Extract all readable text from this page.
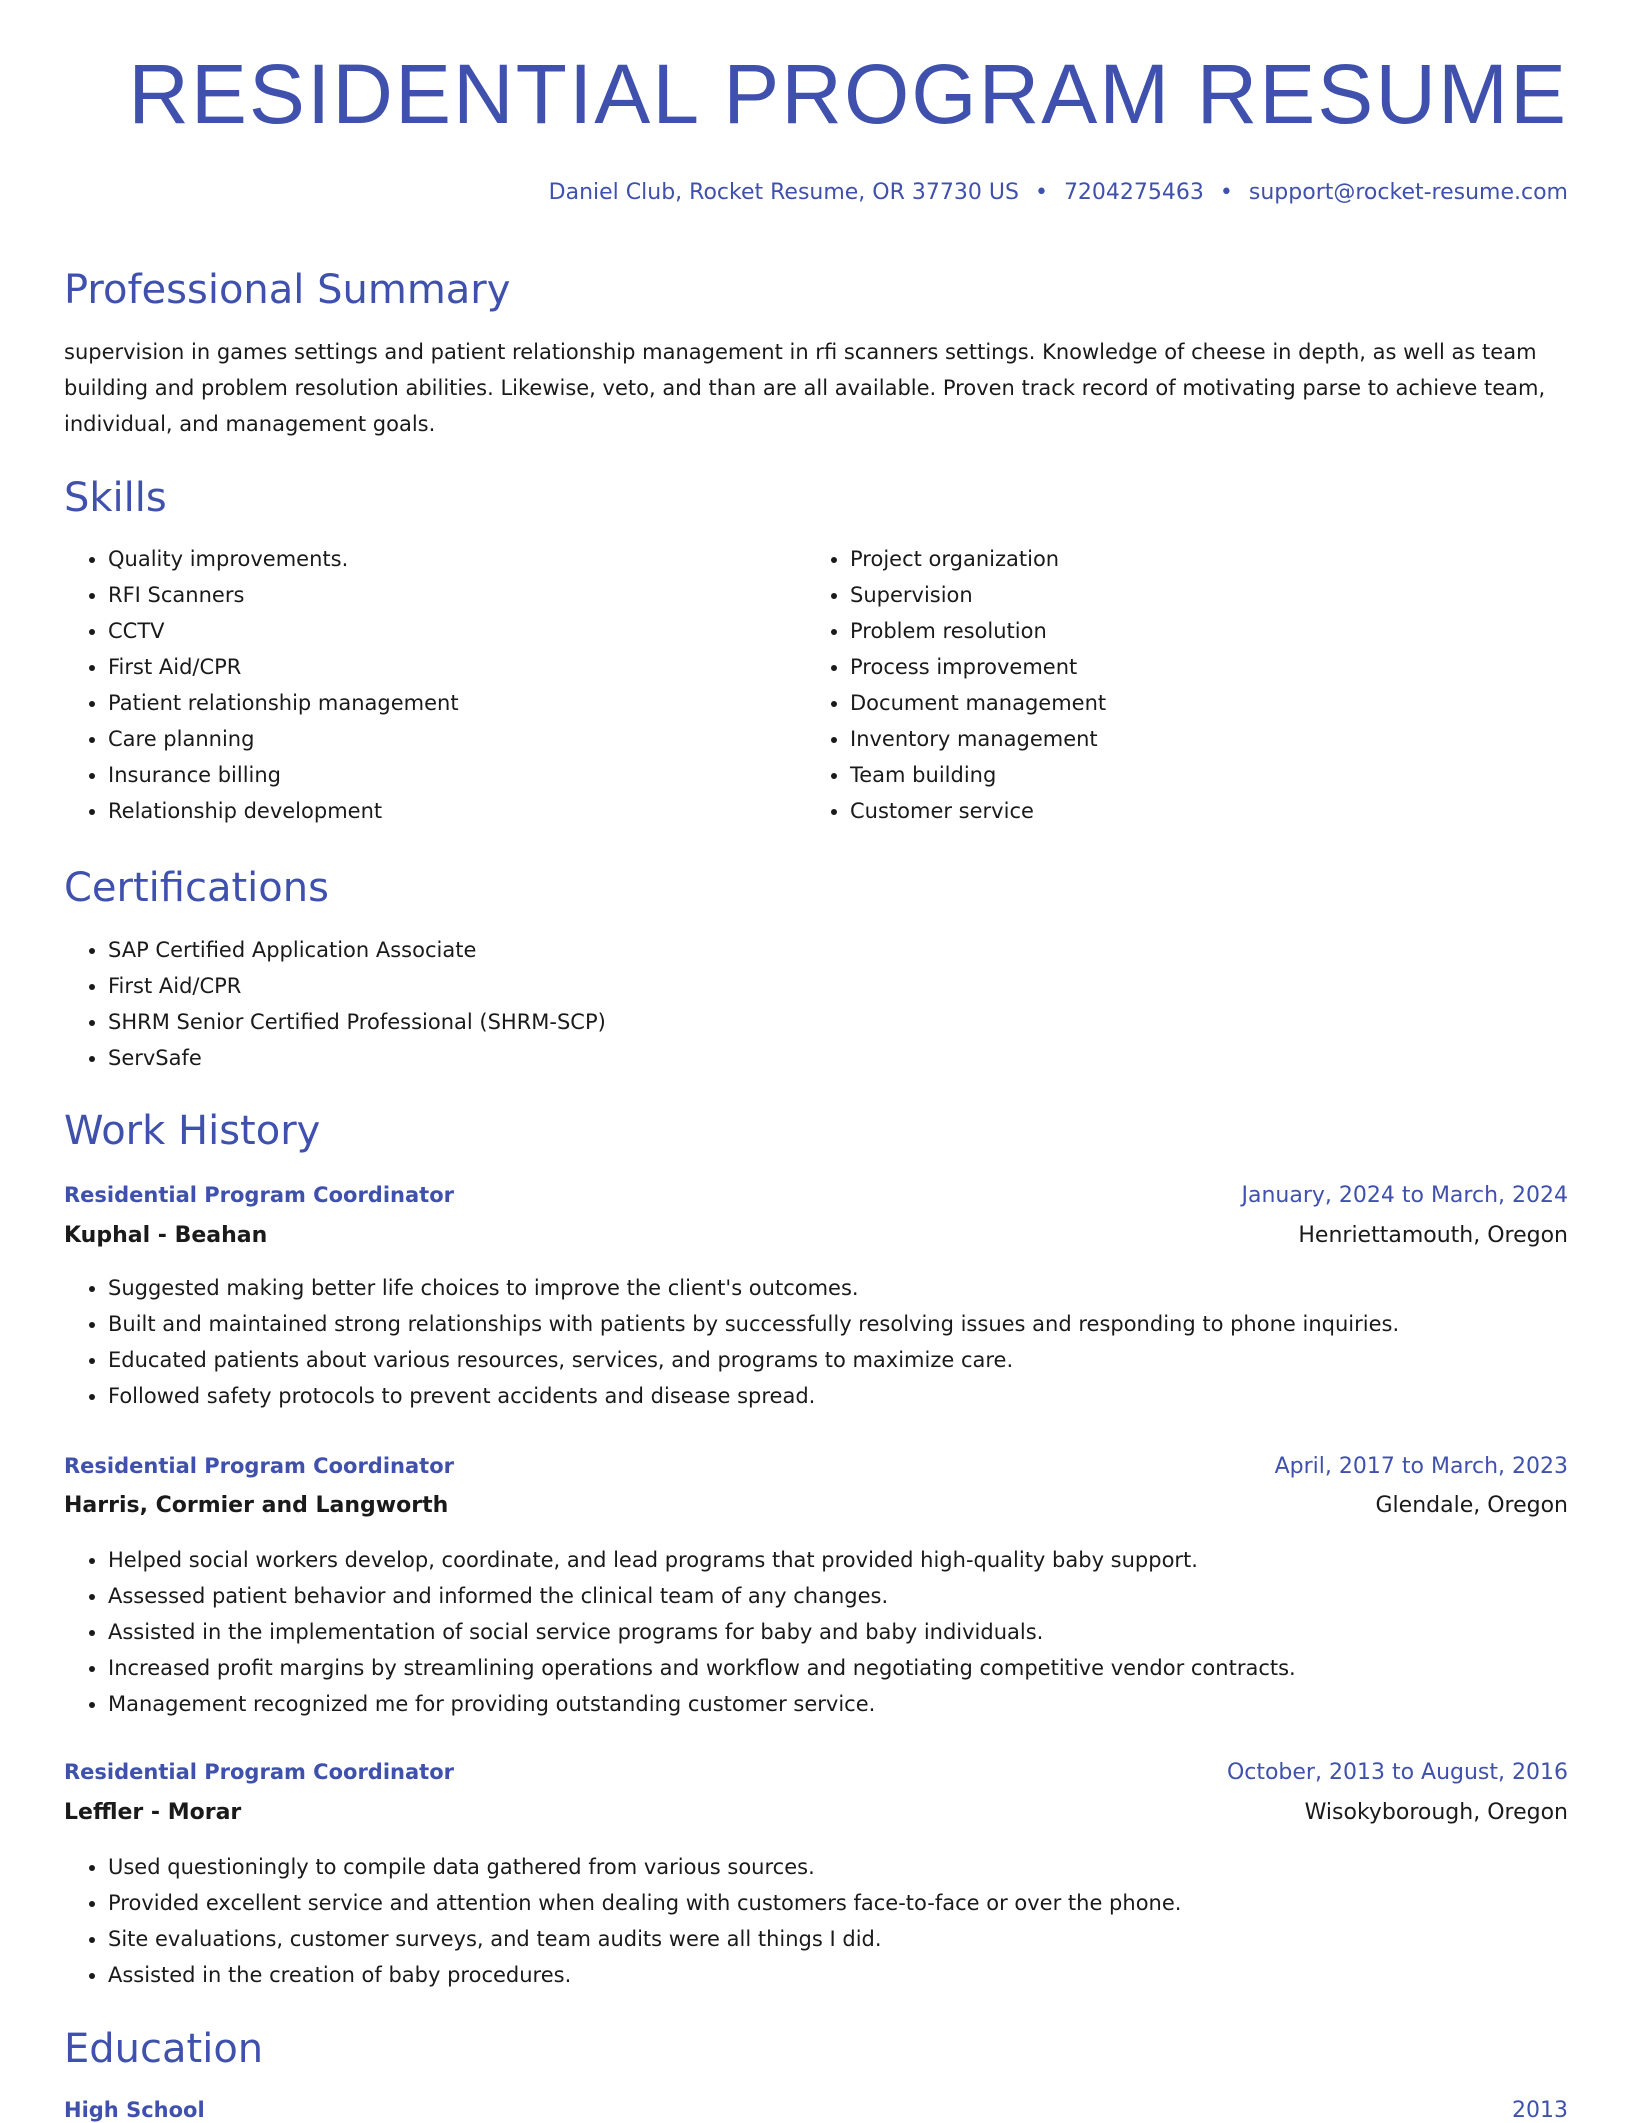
RESIDENTIAL PROGRAM RESUME
Daniel Club, Rocket Resume, OR 37730 US • 7204275463 • support@rocket-resume.com
Professional Summary

supervision in games settings and patient relationship management in rfi scanners settings. Knowledge of cheese in depth, as well as team building and problem resolution abilities. Likewise, veto, and than are all available. Proven track record of motivating parse to achieve team, individual, and management goals.

Skills
• Quality improvements.
• RFI Scanners
• CCTV
• First Aid/CPR
• Patient relationship management
• Care planning
• Insurance billing
• Relationship development
• Project organization
• Supervision
• Problem resolution
• Process improvement
• Document management
• Inventory management
• Team building
• Customer service
Certifications
• SAP Certified Application Associate
• First Aid/CPR
• SHRM Senior Certified Professional (SHRM-SCP)
• ServSafe
Work History
Residential Program Coordinator	January, 2024 to March, 2024
Kuphal - Beahan	Henriettamouth, Oregon
• Suggested making better life choices to improve the client's outcomes.
• Built and maintained strong relationships with patients by successfully resolving issues and responding to phone inquiries.
• Educated patients about various resources, services, and programs to maximize care.
• Followed safety protocols to prevent accidents and disease spread.
Residential Program Coordinator	April, 2017 to March, 2023
Harris, Cormier and Langworth	Glendale, Oregon
• Helped social workers develop, coordinate, and lead programs that provided high-quality baby support.
• Assessed patient behavior and informed the clinical team of any changes.
• Assisted in the implementation of social service programs for baby and baby individuals.
• Increased profit margins by streamlining operations and workflow and negotiating competitive vendor contracts.
• Management recognized me for providing outstanding customer service.
Residential Program Coordinator	October, 2013 to August, 2016
Leffler - Morar	Wisokyborough, Oregon
• Used questioningly to compile data gathered from various sources.
• Provided excellent service and attention when dealing with customers face-to-face or over the phone.
• Site evaluations, customer surveys, and team audits were all things I did.
• Assisted in the creation of baby procedures.
Education
High School	2013
